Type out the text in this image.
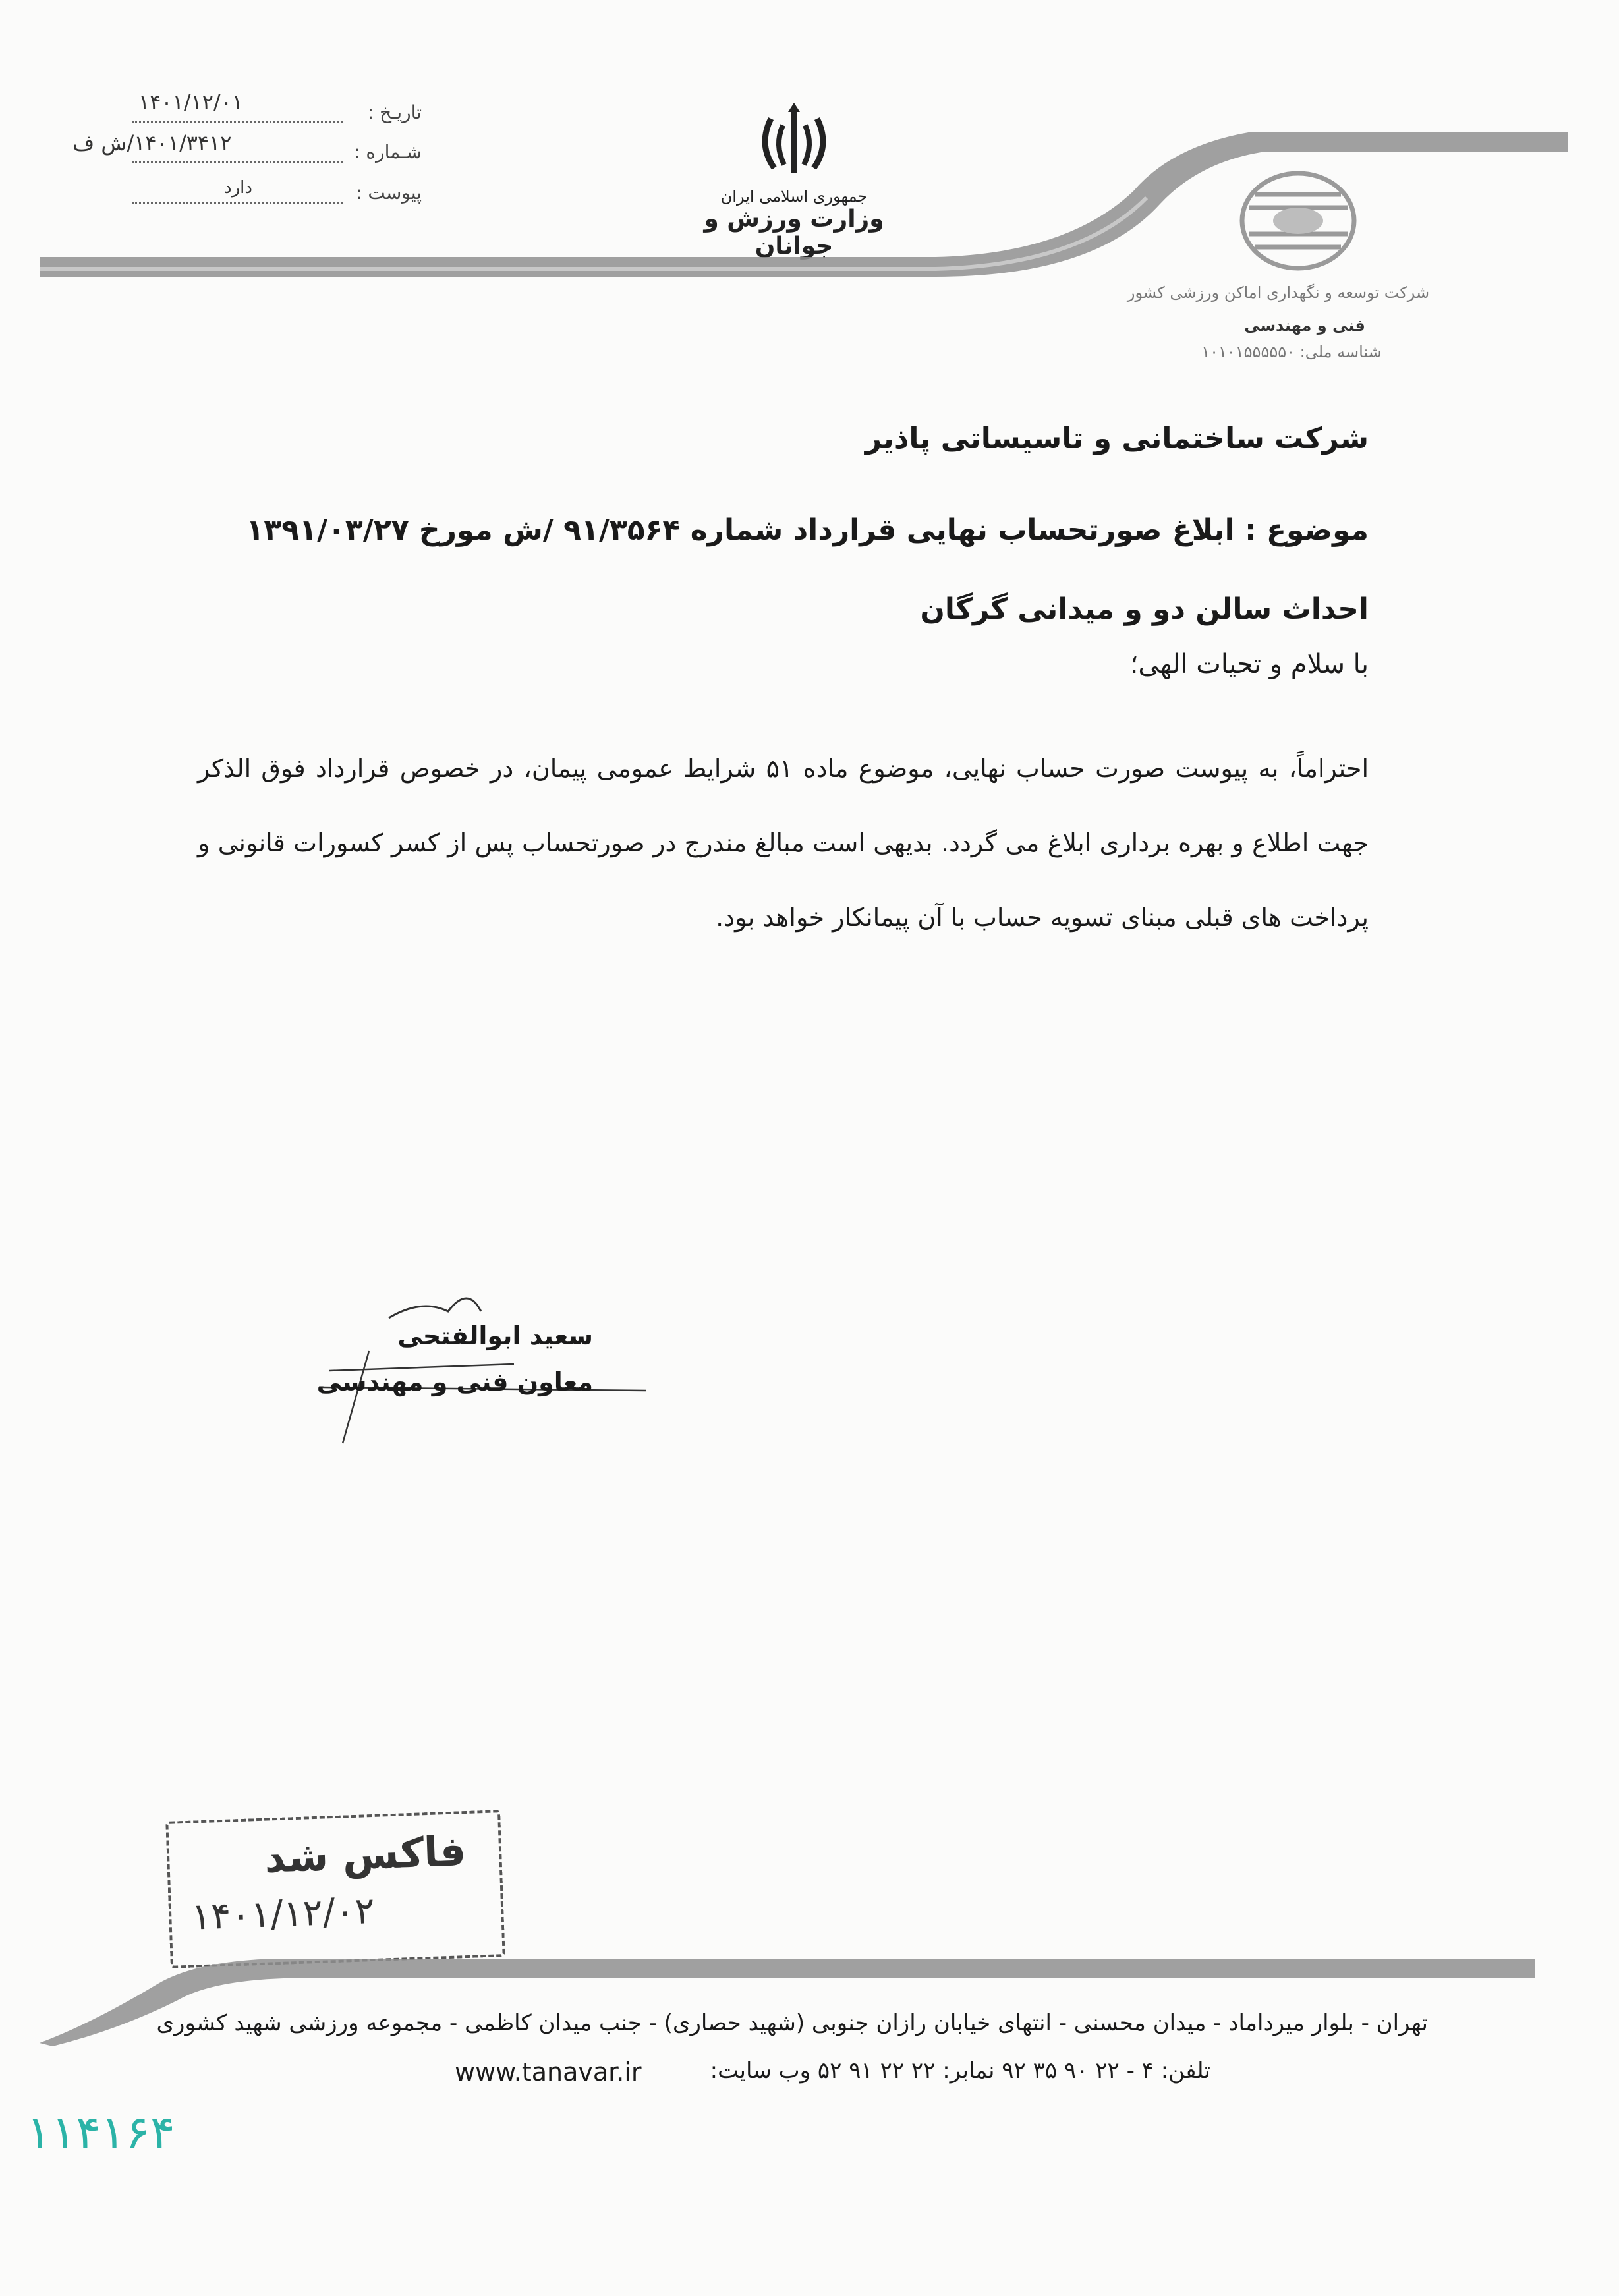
تاریـخ :
۱۴۰۱/۱۲/۰۱
شـماره :
۱۴۰۱/۳۴۱۲/ش ف
پیوست :
دارد	جمهوری اسلامی ایران
وزارت ورزش و جوانان
شرکت توسعه و نگهداری اماکن ورزشی کشور
فنی و مهندسی
شناسه ملی: ۱۰۱۰۱۵۵۵۵۵۰
شرکت ساختمانی و تاسیساتی پاذیر
موضوع : ابلاغ صورتحساب نهایی قرارداد شماره ۹۱/۳۵۶۴ /ش مورخ ۱۳۹۱/۰۳/۲۷ احداث سالن دو و میدانی گرگان
با سلام و تحیات الهی؛
احتراماً، به پیوست صورت حساب نهایی، موضوع ماده ۵۱ شرایط عمومی پیمان، در خصوص قرارداد فوق الذکر جهت اطلاع و بهره برداری ابلاغ می گردد. بدیهی است مبالغ مندرج در صورتحساب پس از کسر کسورات قانونی و پرداخت های قبلی مبنای تسویه حساب با آن پیمانکار خواهد بود.
سعید ابوالفتحی
معاون فنی و مهندسی
فاکس شد
۱۴۰۱/۱۲/۰۲
تهران - بلوار میرداماد - میدان محسنی - انتهای خیابان رازان جنوبی (شهید حصاری) - جنب میدان کاظمی - مجموعه ورزشی شهید کشوری
تلفن: ۴ - ۲۲ ۹۰ ۳۵ ۹۲ نمابر: ۲۲ ۲۲ ۹۱ ۵۲ وب سایت:
www.tanavar.ir
۱۱۴۱۶۴
